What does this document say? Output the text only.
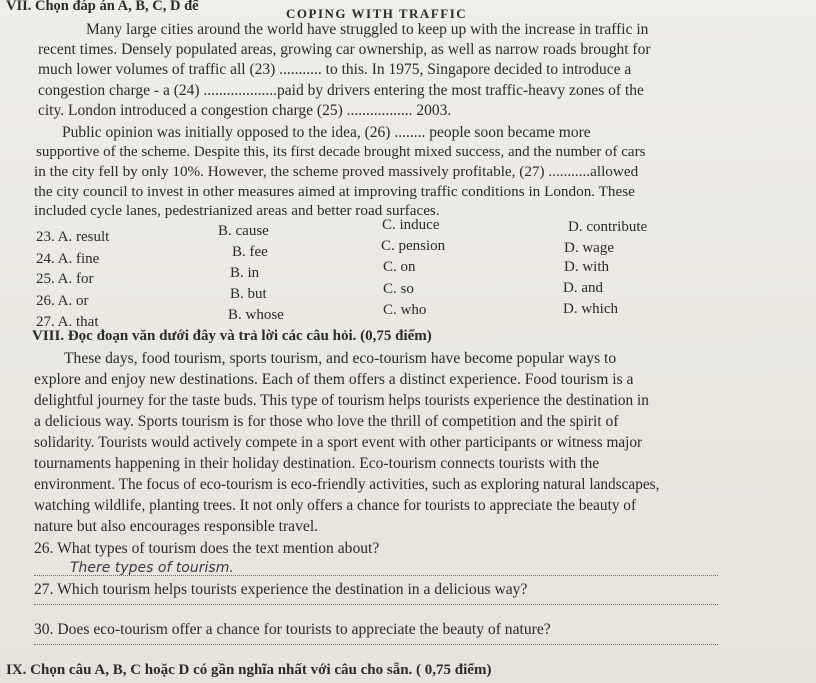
VII. Chọn đáp án A, B, C, D để	COPING WITH TRAFFIC
Many large cities around the world have struggled to keep up with the increase in traffic in
recent times. Densely populated areas, growing car ownership, as well as narrow roads brought for
much lower volumes of traffic all (23) ........... to this. In 1975, Singapore decided to introduce a
congestion charge - a (24) ...................paid by drivers entering the most traffic-heavy zones of the
city. London introduced a congestion charge (25) ................. 2003.
Public opinion was initially opposed to the idea, (26) ........ people soon became more
supportive of the scheme. Despite this, its first decade brought mixed success, and the number of cars
in the city fell by only 10%. However, the scheme proved massively profitable, (27) ...........allowed
the city council to invest in other measures aimed at improving traffic conditions in London. These
included cycle lanes, pedestrianized areas and better road surfaces.
23. A. result	B. cause	C. induce	D. contribute
24. A. fine	B. fee	C. pension	D. wage
25. A. for	B. in	C. on	D. with
26. A. or	B. but	C. so	D. and
27. A. that	B. whose	C. who	D. which
VIII. Đọc đoạn văn dưới đây và trả lời các câu hỏi. (0,75 điểm)
These days, food tourism, sports tourism, and eco-tourism have become popular ways to
explore and enjoy new destinations. Each of them offers a distinct experience. Food tourism is a
delightful journey for the taste buds. This type of tourism helps tourists experience the destination in
a delicious way. Sports tourism is for those who love the thrill of competition and the spirit of
solidarity. Tourists would actively compete in a sport event with other participants or witness major
tournaments happening in their holiday destination. Eco-tourism connects tourists with the
environment. The focus of eco-tourism is eco-friendly activities, such as exploring natural landscapes,
watching wildlife, planting trees. It not only offers a chance for tourists to appreciate the beauty of
nature but also encourages responsible travel.
26. What types of tourism does the text mention about?
There types of tourism.
27. Which tourism helps tourists experience the destination in a delicious way?
30. Does eco-tourism offer a chance for tourists to appreciate the beauty of nature?
IX. Chọn câu A, B, C hoặc D có gần nghĩa nhất với câu cho sẵn. ( 0,75 điểm)
